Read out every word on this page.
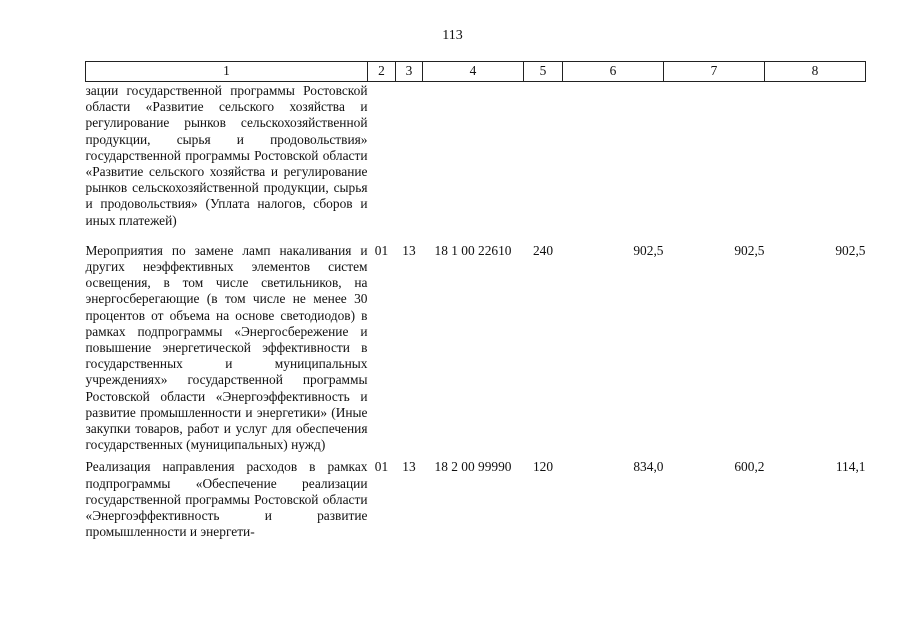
113
1	2	3	4	5	6	7	8
зации государственной программы Ростовской области «Развитие сельского хозяйства и регулирование рынков сельскохозяйственной продукции, сырья и продовольствия» государственной программы Ростовской области «Развитие сельского хозяйства и регулирование рынков сельскохозяйственной продукции, сырья и продовольствия» (Уплата налогов, сборов и иных платежей)							
Мероприятия по замене ламп накаливания и других неэффективных элементов систем освещения, в том числе светильников, на энергосберегающие (в том числе не менее 30 процентов от объема на основе светодиодов) в рамках подпрограммы «Энергосбережение и повышение энергетической эффективности в государственных и муниципальных учреждениях» государственной программы Ростовской области «Энергоэффективность и развитие промышленности и энергетики» (Иные закупки товаров, работ и услуг для обеспечения государственных (муниципальных) нужд)	01	13	18 1 00 22610	240	902,5	902,5	902,5
Реализация направления расходов в рамках подпрограммы «Обеспечение реализации государственной программы Ростовской области «Энергоэффективность и развитие промышленности и энергети-	01	13	18 2 00 99990	120	834,0	600,2	114,1
